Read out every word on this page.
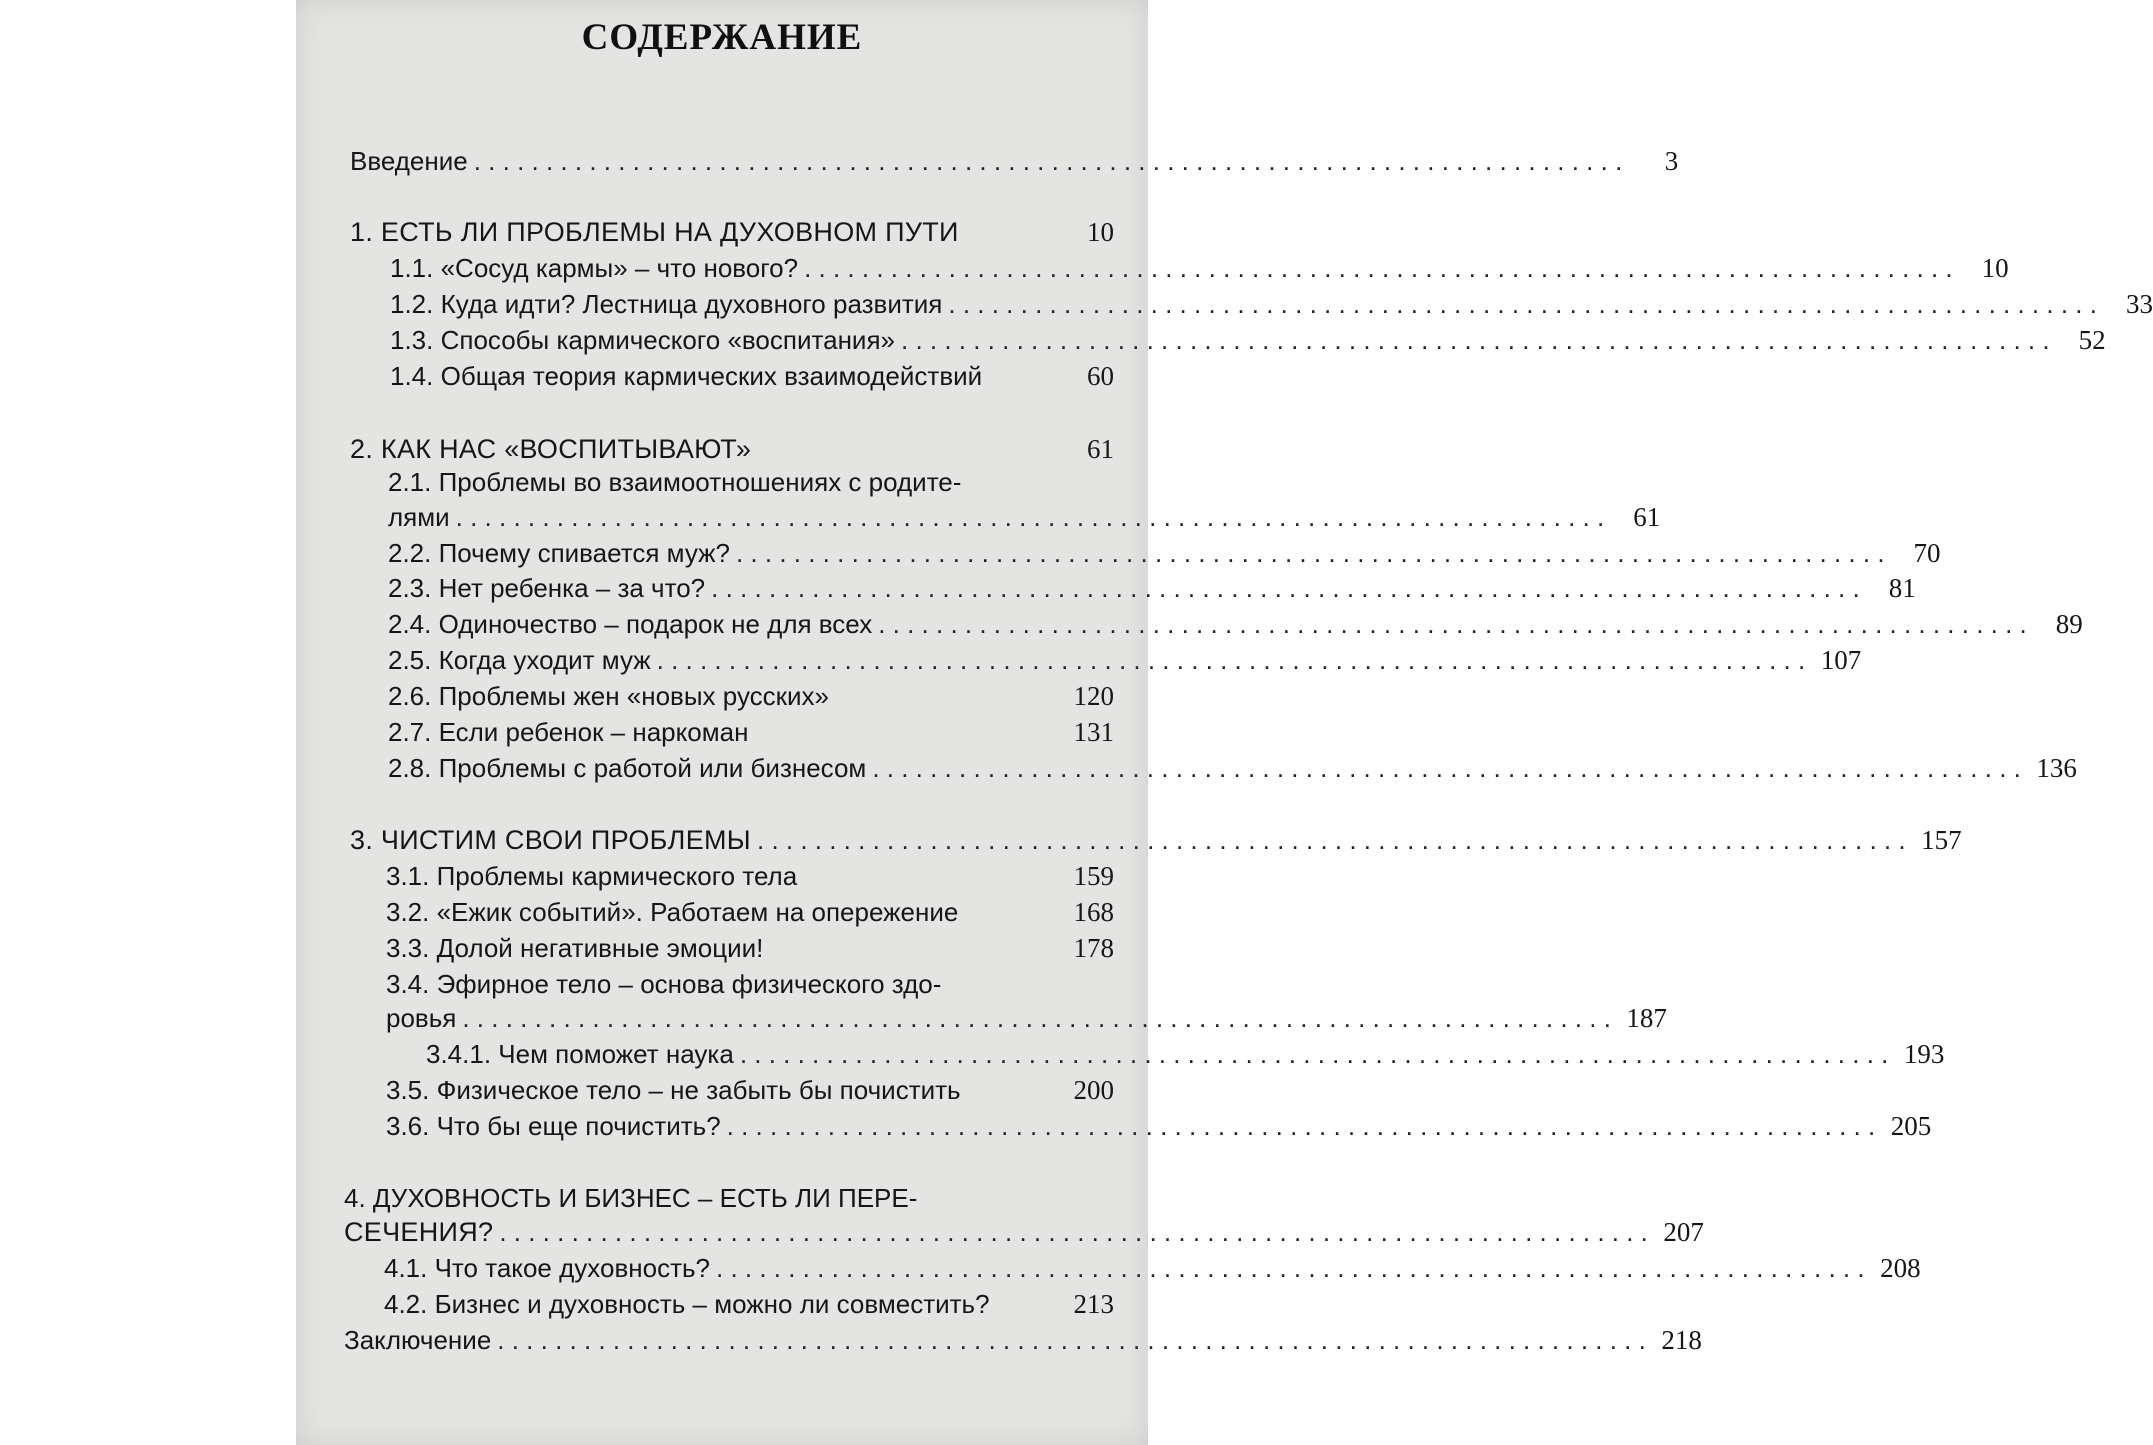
СОДЕРЖАНИЕ
Введение . . . . . . . . . . . . . . . . . . . . . . . . . . . . . . . . . . . . . . . . . . . . . . . . . . . . . . . . . . . . . . . . . . . . . . . . . . . . . . . .	3
1. ЕСТЬ ЛИ ПРОБЛЕМЫ НА ДУХОВНОМ ПУТИ	10
1.1. «Сосуд кармы» – что нового? . . . . . . . . . . . . . . . . . . . . . . . . . . . . . . . . . . . . . . . . . . . . . . . . . . . . . . . . . . . . . . . . . . . . . . . . . . . . . . . .	10
1.2. Куда идти? Лестница духовного развития . . . . . . . . . . . . . . . . . . . . . . . . . . . . . . . . . . . . . . . . . . . . . . . . . . . . . . . . . . . . . . . . . . . . . . . . . . . . . . . .	33
1.3. Способы кармического «воспитания» . . . . . . . . . . . . . . . . . . . . . . . . . . . . . . . . . . . . . . . . . . . . . . . . . . . . . . . . . . . . . . . . . . . . . . . . . . . . . . . .	52
1.4. Общая теория кармических взаимодействий	60
2. КАК НАС «ВОСПИТЫВАЮТ»	61
2.1. Проблемы во взаимоотношениях с родите-
лями . . . . . . . . . . . . . . . . . . . . . . . . . . . . . . . . . . . . . . . . . . . . . . . . . . . . . . . . . . . . . . . . . . . . . . . . . . . . . . . .	61
2.2. Почему спивается муж? . . . . . . . . . . . . . . . . . . . . . . . . . . . . . . . . . . . . . . . . . . . . . . . . . . . . . . . . . . . . . . . . . . . . . . . . . . . . . . . .	70
2.3. Нет ребенка – за что? . . . . . . . . . . . . . . . . . . . . . . . . . . . . . . . . . . . . . . . . . . . . . . . . . . . . . . . . . . . . . . . . . . . . . . . . . . . . . . . .	81
2.4. Одиночество – подарок не для всех . . . . . . . . . . . . . . . . . . . . . . . . . . . . . . . . . . . . . . . . . . . . . . . . . . . . . . . . . . . . . . . . . . . . . . . . . . . . . . . .	89
2.5. Когда уходит муж . . . . . . . . . . . . . . . . . . . . . . . . . . . . . . . . . . . . . . . . . . . . . . . . . . . . . . . . . . . . . . . . . . . . . . . . . . . . . . . . 107
2.6. Проблемы жен «новых русских»	120
2.7. Если ребенок – наркоман	131
2.8. Проблемы с работой или бизнесом . . . . . . . . . . . . . . . . . . . . . . . . . . . . . . . . . . . . . . . . . . . . . . . . . . . . . . . . . . . . . . . . . . . . . . . . . . . . . . . . 136
3. ЧИСТИМ СВОИ ПРОБЛЕМЫ . . . . . . . . . . . . . . . . . . . . . . . . . . . . . . . . . . . . . . . . . . . . . . . . . . . . . . . . . . . . . . . . . . . . . . . . . . . . . . . . 157
3.1. Проблемы кармического тела	159
3.2. «Ежик событий». Работаем на опережение	168
3.3. Долой негативные эмоции!	178
3.4. Эфирное тело – основа физического здо-
ровья . . . . . . . . . . . . . . . . . . . . . . . . . . . . . . . . . . . . . . . . . . . . . . . . . . . . . . . . . . . . . . . . . . . . . . . . . . . . . . . . 187
3.4.1. Чем поможет наука . . . . . . . . . . . . . . . . . . . . . . . . . . . . . . . . . . . . . . . . . . . . . . . . . . . . . . . . . . . . . . . . . . . . . . . . . . . . . . . . 193
3.5. Физическое тело – не забыть бы почистить	200
3.6. Что бы еще почистить? . . . . . . . . . . . . . . . . . . . . . . . . . . . . . . . . . . . . . . . . . . . . . . . . . . . . . . . . . . . . . . . . . . . . . . . . . . . . . . . . 205
4. ДУХОВНОСТЬ И БИЗНЕС – ЕСТЬ ЛИ ПЕРЕ-
СЕЧЕНИЯ? . . . . . . . . . . . . . . . . . . . . . . . . . . . . . . . . . . . . . . . . . . . . . . . . . . . . . . . . . . . . . . . . . . . . . . . . . . . . . . . . 207
4.1. Что такое духовность? . . . . . . . . . . . . . . . . . . . . . . . . . . . . . . . . . . . . . . . . . . . . . . . . . . . . . . . . . . . . . . . . . . . . . . . . . . . . . . . . 208
4.2. Бизнес и духовность – можно ли совместить?	213
Заключение . . . . . . . . . . . . . . . . . . . . . . . . . . . . . . . . . . . . . . . . . . . . . . . . . . . . . . . . . . . . . . . . . . . . . . . . . . . . . . . . 218
